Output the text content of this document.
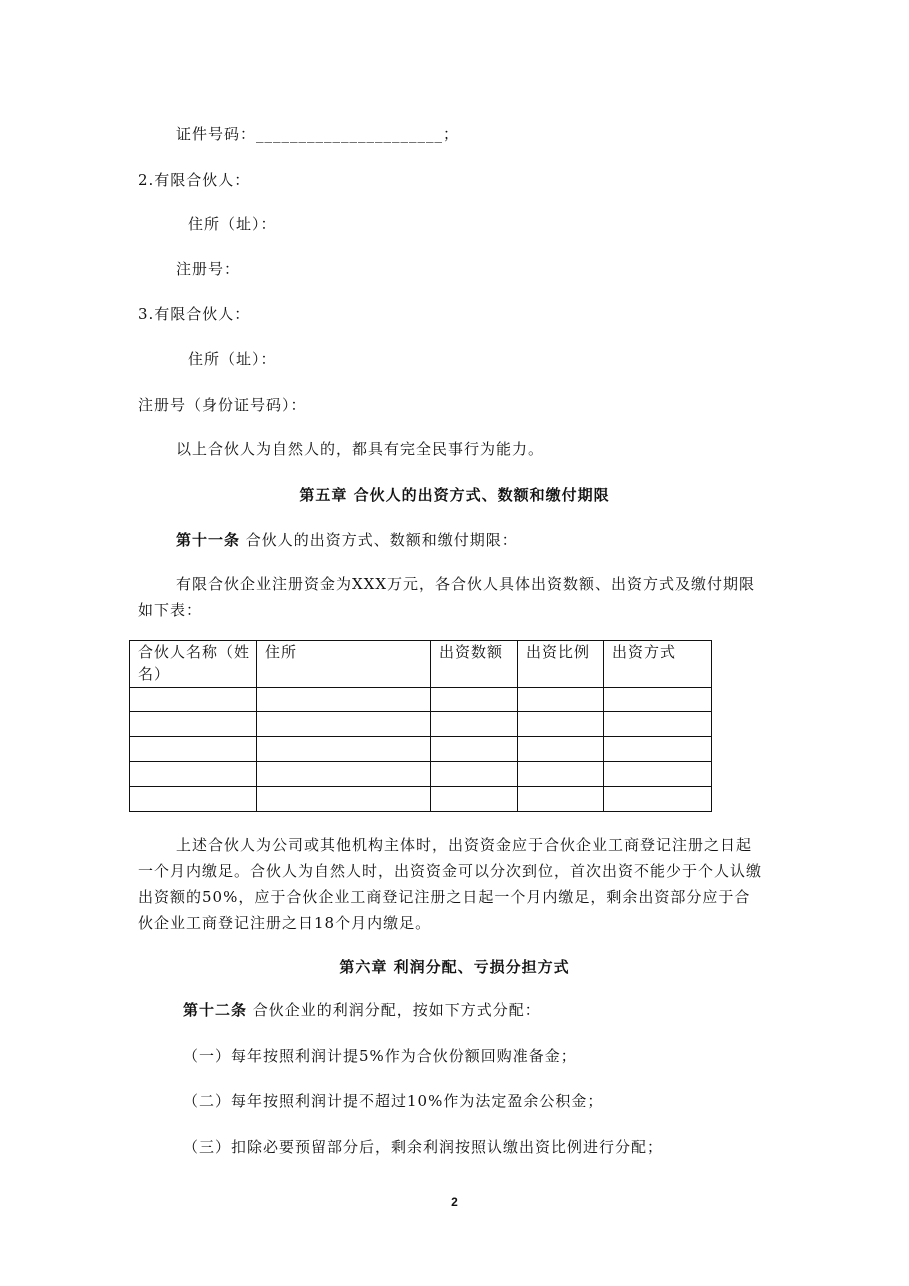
证件号码：______________________；
2.有限合伙人：
住所（址）：
注册号：
3.有限合伙人：
住所（址）：
注册号（身份证号码）：
以上合伙人为自然人的，都具有完全民事行为能力。
第五章 合伙人的出资方式、数额和缴付期限
第十一条 合伙人的出资方式、数额和缴付期限：
有限合伙企业注册资金为XXX万元，各合伙人具体出资数额、出资方式及缴付期限如下表：
合伙人名称（姓名）	住所	出资数额	出资比例	出资方式

上述合伙人为公司或其他机构主体时，出资资金应于合伙企业工商登记注册之日起一个月内缴足。合伙人为自然人时，出资资金可以分次到位，首次出资不能少于个人认缴出资额的50%，应于合伙企业工商登记注册之日起一个月内缴足，剩余出资部分应于合伙企业工商登记注册之日18个月内缴足。
第六章 利润分配、亏损分担方式
第十二条 合伙企业的利润分配，按如下方式分配：
（一）每年按照利润计提5%作为合伙份额回购准备金；
（二）每年按照利润计提不超过10%作为法定盈余公积金；
（三）扣除必要预留部分后，剩余利润按照认缴出资比例进行分配；
2
